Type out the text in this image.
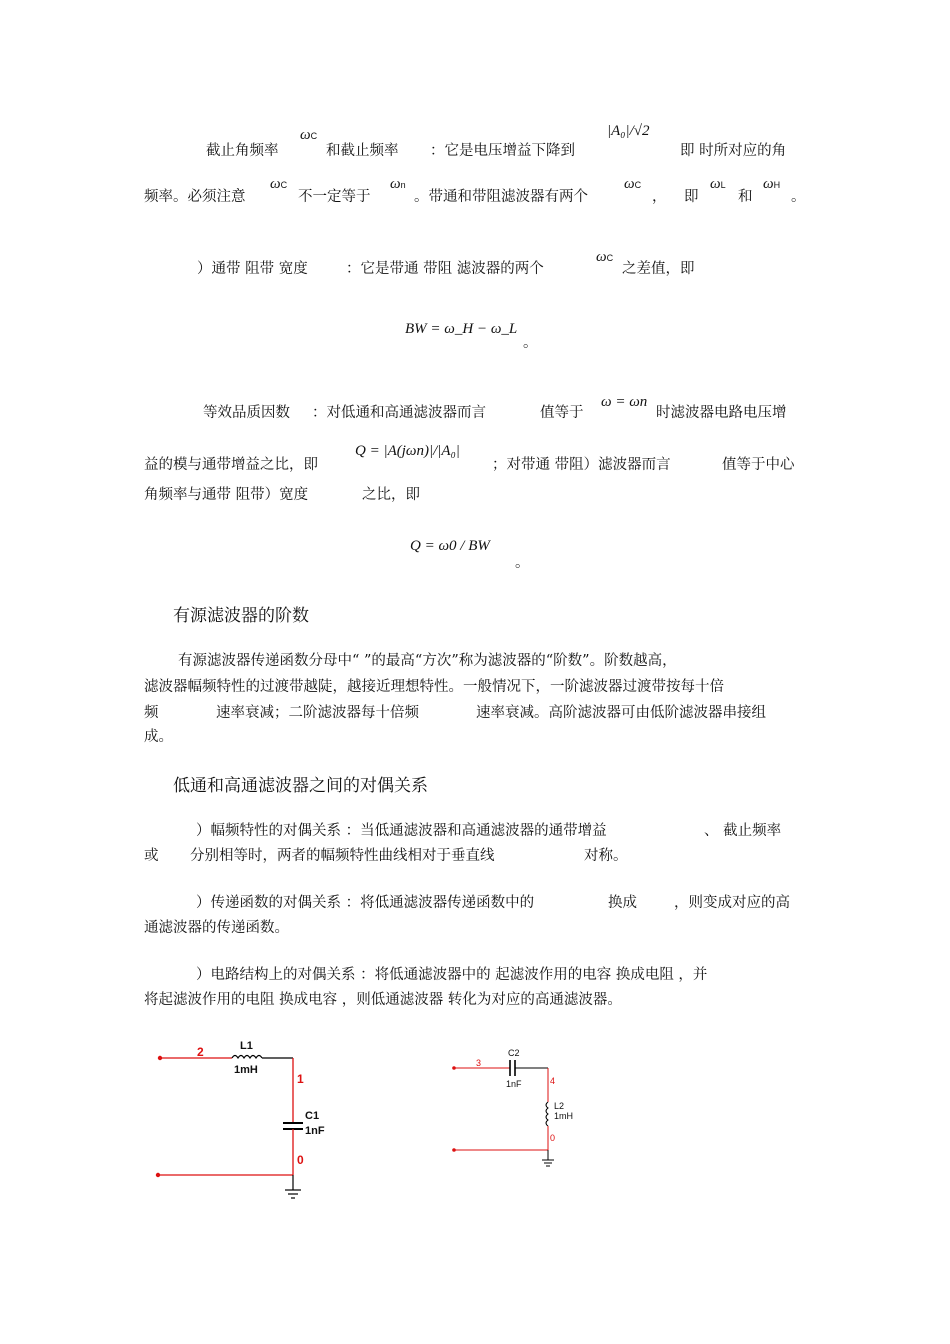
截止角频率
ωC
和截止频率 ：它是电压增益下降到
|A₀|/√2
即 时所对应的角
频率。必须注意
ωC
不一定等于
ωn
。带通和带阻滤波器有两个
ωC
， 即
ωL
和
ωH
。
）通带 阻带 宽度	：它是带通 带阻 滤波器的两个
ωC
之差值，即
BW = ω_H − ω_L
。
等效品质因数 ：对低通和高通滤波器而言	值等于
ω = ωn
时滤波器电路电压增
益的模与通带增益之比，即
Q = |A(jωn)|/|A₀|
；对带通 带阻）滤波器而言	值等于中心
角频率与通带 阻带）宽度	之比，即
Q = ω0 / BW
。
有源滤波器的阶数
有源滤波器传递函数分母中“ ”的最高“方次”称为滤波器的“阶数”。阶数越高，
滤波器幅频特性的过渡带越陡，越接近理想特性。一般情况下，一阶滤波器过渡带按每十倍
频	速率衰减；二阶滤波器每十倍频	速率衰减。高阶滤波器可由低阶滤波器串接组
成。
低通和高通滤波器之间的对偶关系
）幅频特性的对偶关系 ：当低通滤波器和高通滤波器的通带增益	、 截止频率
或 分别相等时，两者的幅频特性曲线相对于垂直线	对称。
）传递函数的对偶关系 ：将低通滤波器传递函数中的	换成	，则变成对应的高
通滤波器的传递函数。
）电路结构上的对偶关系 ：将低通滤波器中的 起滤波作用的电容 换成电阻 ，并
将起滤波作用的电阻 换成电容 ，则低通滤波器 转化为对应的高通滤波器。
2	L1
1mH
1
C1
1nF
0
3
C2
1nF	4
L2
1mH
0
